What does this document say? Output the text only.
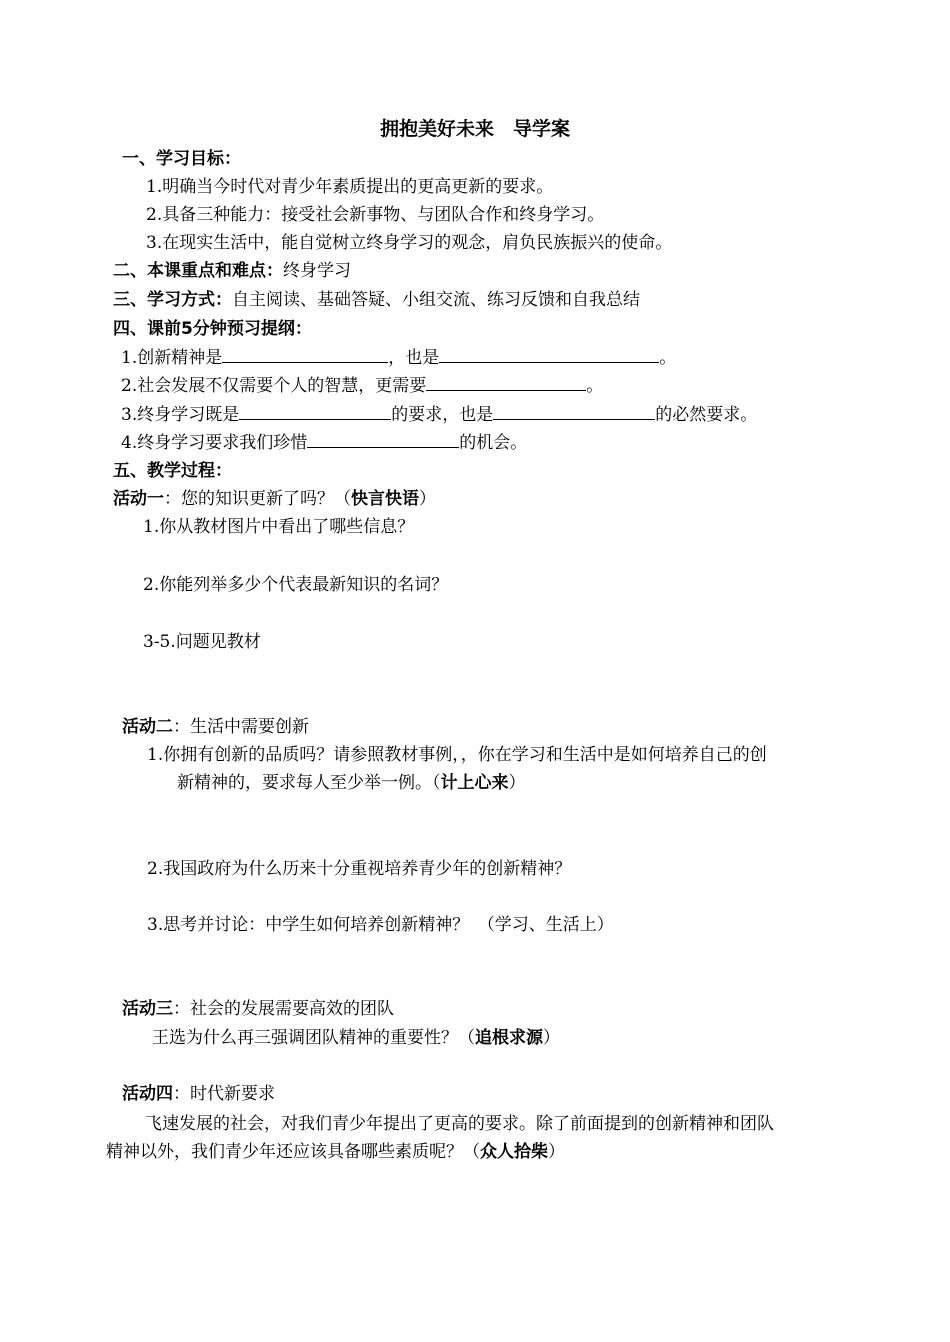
拥抱美好未来　导学案
一、学习目标：
1.明确当今时代对青少年素质提出的更高更新的要求。
2.具备三种能力：接受社会新事物、与团队合作和终身学习。
3.在现实生活中，能自觉树立终身学习的观念，肩负民族振兴的使命。
二、本课重点和难点：终身学习
三、学习方式：自主阅读、基础答疑、小组交流、练习反馈和自我总结
四、课前5分钟预习提纲：
1.创新精神是	，也是	。
2.社会发展不仅需要个人的智慧，更需要	。
3.终身学习既是	的要求，也是	的必然要求。
4.终身学习要求我们珍惜	的机会。
五、教学过程：
活动一：您的知识更新了吗？（快言快语）
1.你从教材图片中看出了哪些信息？
2.你能列举多少个代表最新知识的名词？
3-5.问题见教材
活动二：生活中需要创新
1.你拥有创新的品质吗？请参照教材事例，，你在学习和生活中是如何培养自己的创
新精神的，要求每人至少举一例。（计上心来）
2.我国政府为什么历来十分重视培养青少年的创新精神？
3.思考并讨论：中学生如何培养创新精神？　（学习、生活上）
活动三：社会的发展需要高效的团队
王选为什么再三强调团队精神的重要性？（追根求源）
活动四：时代新要求
飞速发展的社会，对我们青少年提出了更高的要求。除了前面提到的创新精神和团队
精神以外，我们青少年还应该具备哪些素质呢？（众人拾柴）
